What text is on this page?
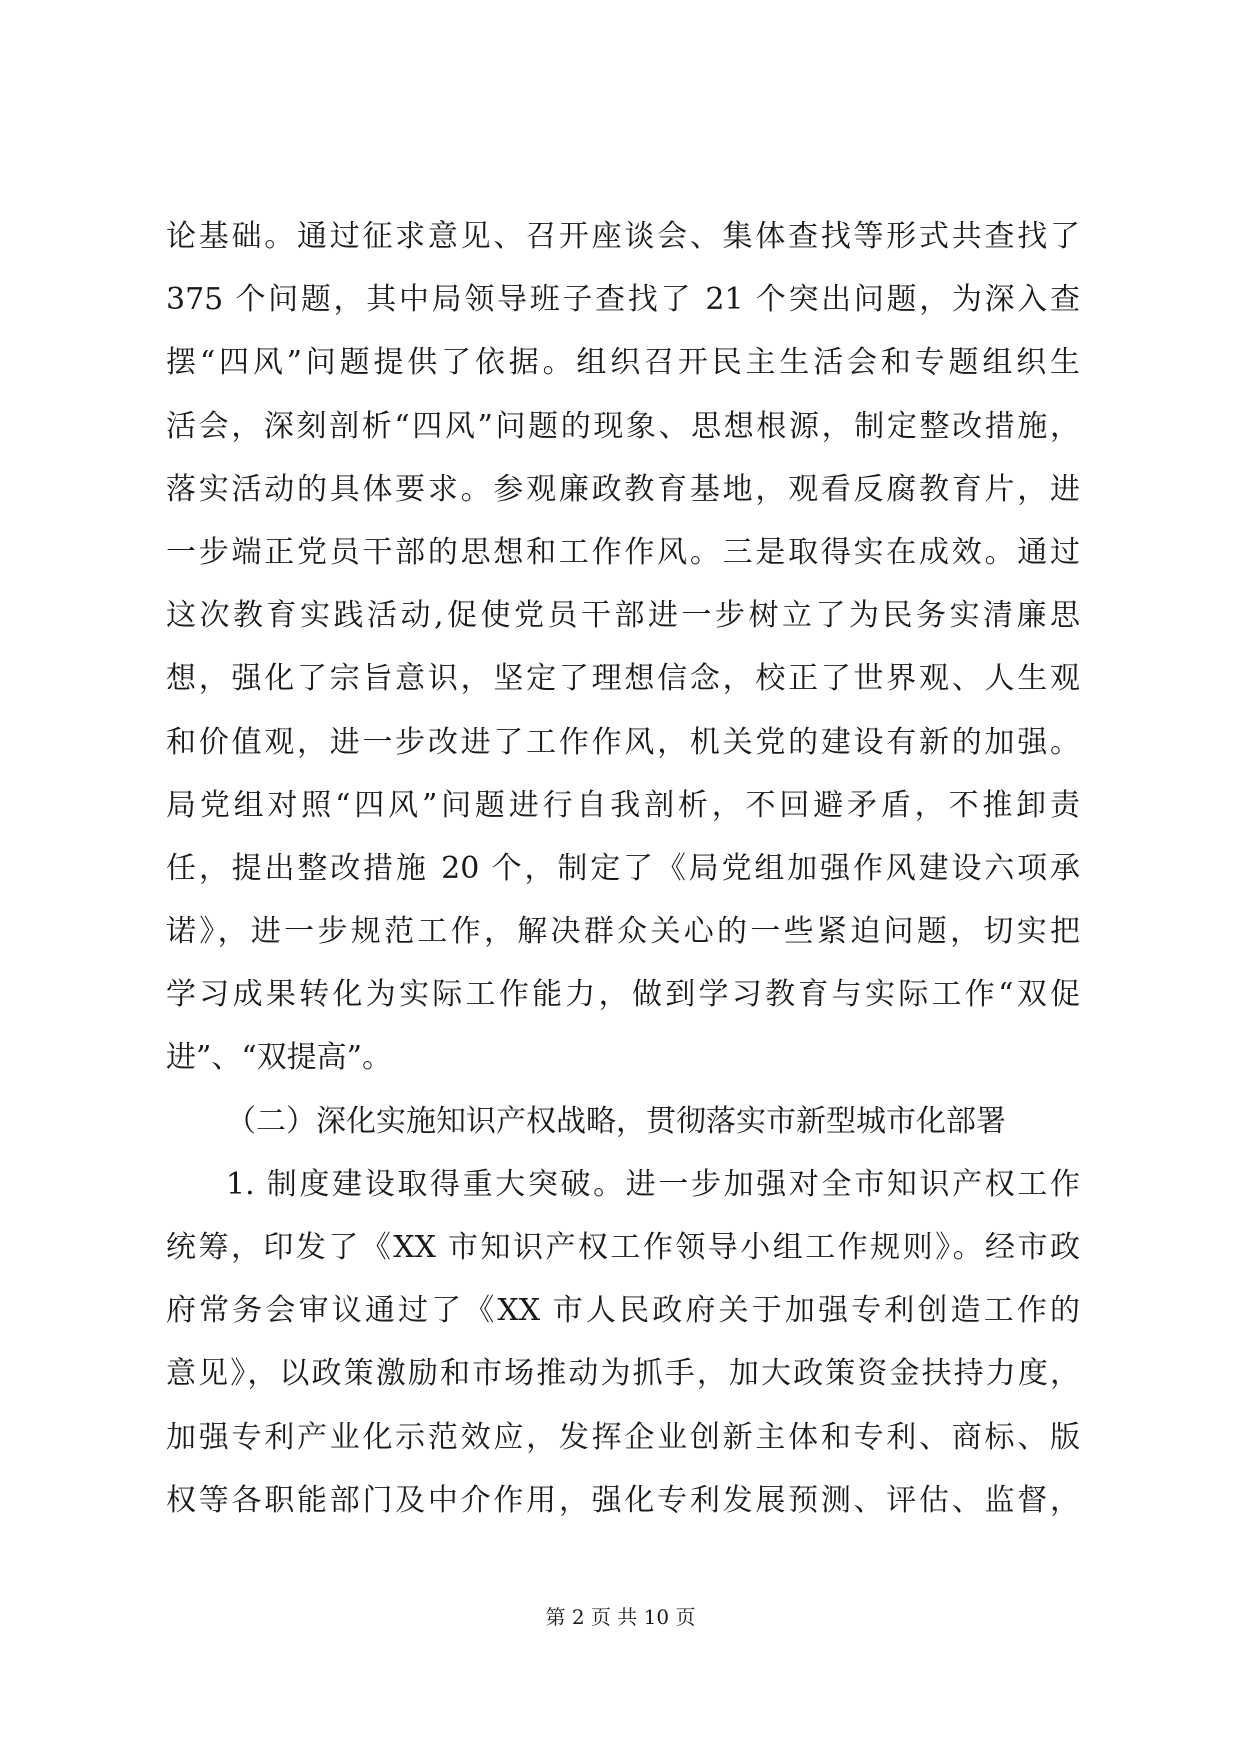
论基础。通过征求意见、召开座谈会、集体查找等形式共查找了
375 个问题，其中局领导班子查找了 21 个突出问题，为深入查
摆“四风”问题提供了依据。组织召开民主生活会和专题组织生
活会，深刻剖析“四风”问题的现象、思想根源，制定整改措施，
落实活动的具体要求。参观廉政教育基地，观看反腐教育片，进
一步端正党员干部的思想和工作作风。三是取得实在成效。通过
这次教育实践活动,促使党员干部进一步树立了为民务实清廉思
想，强化了宗旨意识，坚定了理想信念，校正了世界观、人生观
和价值观，进一步改进了工作作风，机关党的建设有新的加强。
局党组对照“四风”问题进行自我剖析，不回避矛盾，不推卸责
任，提出整改措施 20 个，制定了《局党组加强作风建设六项承
诺》，进一步规范工作，解决群众关心的一些紧迫问题，切实把
学习成果转化为实际工作能力，做到学习教育与实际工作“双促
进”、“双提高”。
（二）深化实施知识产权战略，贯彻落实市新型城市化部署
1. 制度建设取得重大突破。进一步加强对全市知识产权工作
统筹，印发了《XX 市知识产权工作领导小组工作规则》。经市政
府常务会审议通过了《XX 市人民政府关于加强专利创造工作的
意见》，以政策激励和市场推动为抓手，加大政策资金扶持力度，
加强专利产业化示范效应，发挥企业创新主体和专利、商标、版
权等各职能部门及中介作用，强化专利发展预测、评估、监督，
第 2 页 共 10 页
